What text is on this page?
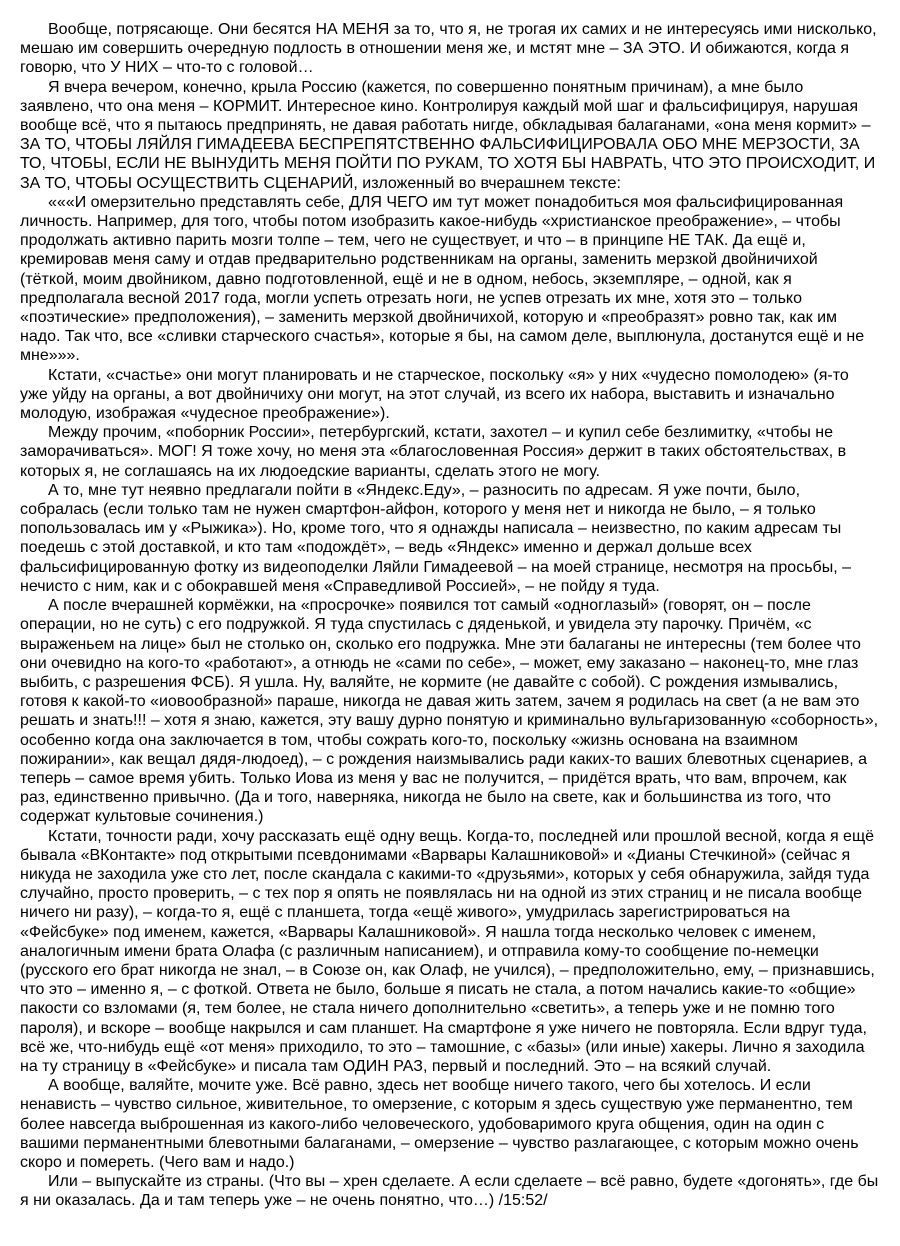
Вообще, потрясающе. Они бесятся НА МЕНЯ за то, что я, не трогая их самих и не интересуясь ими нисколько, мешаю им совершить очередную подлость в отношении меня же, и мстят мне – ЗА ЭТО. И обижаются, когда я говорю, что У НИХ – что-то с головой…

Я вчера вечером, конечно, крыла Россию (кажется, по совершенно понятным причинам), а мне было заявлено, что она меня – КОРМИТ. Интересное кино. Контролируя каждый мой шаг и фальсифицируя, нарушая вообще всё, что я пытаюсь предпринять, не давая работать нигде, обкладывая балаганами, «она меня кормит» – ЗА ТО, ЧТОБЫ ЛЯЙЛЯ ГИМАДЕЕВА БЕСПРЕПЯТСТВЕННО ФАЛЬСИФИЦИРОВАЛА ОБО МНЕ МЕРЗОСТИ, ЗА ТО, ЧТОБЫ, ЕСЛИ НЕ ВЫНУДИТЬ МЕНЯ ПОЙТИ ПО РУКАМ, ТО ХОТЯ БЫ НАВРАТЬ, ЧТО ЭТО ПРОИСХОДИТ, И ЗА ТО, ЧТОБЫ ОСУЩЕСТВИТЬ СЦЕНАРИЙ, изложенный во вчерашнем тексте:

«««И омерзительно представлять себе, ДЛЯ ЧЕГО им тут может понадобиться моя фальсифицированная личность. Например, для того, чтобы потом изобразить какое-нибудь «христианское преображение», – чтобы продолжать активно парить мозги толпе – тем, чего не существует, и что – в принципе НЕ ТАК. Да ещё и, кремировав меня саму и отдав предварительно родственникам на органы, заменить мерзкой двойничихой (тёткой, моим двойником, давно подготовленной, ещё и не в одном, небось, экземпляре, – одной, как я предполагала весной 2017 года, могли успеть отрезать ноги, не успев отрезать их мне, хотя это – только «поэтические» предположения), – заменить мерзкой двойничихой, которую и «преобразят» ровно так, как им надо. Так что, все «сливки старческого счастья», которые я бы, на самом деле, выплюнула, достанутся ещё и не мне»»».

Кстати, «счастье» они могут планировать и не старческое, поскольку «я» у них «чудесно помолодею» (я-то уже уйду на органы, а вот двойничиху они могут, на этот случай, из всего их набора, выставить и изначально молодую, изображая «чудесное преображение»).

Между прочим, «поборник России», петербургский, кстати, захотел – и купил себе безлимитку, «чтобы не заморачиваться». МОГ! Я тоже хочу, но меня эта «благословенная Россия» держит в таких обстоятельствах, в которых я, не соглашаясь на их людоедские варианты, сделать этого не могу.

А то, мне тут неявно предлагали пойти в «Яндекс.Еду», – разносить по адресам. Я уже почти, было, собралась (если только там не нужен смартфон-айфон, которого у меня нет и никогда не было, – я только попользовалась им у «Рыжика»). Но, кроме того, что я однажды написала – неизвестно, по каким адресам ты поедешь с этой доставкой, и кто там «подождёт», – ведь «Яндекс» именно и держал дольше всех фальсифицированную фотку из видеоподелки Ляйли Гимадеевой – на моей странице, несмотря на просьбы, – нечисто с ним, как и с обокравшей меня «Справедливой Россией», – не пойду я туда.

А после вчерашней кормёжки, на «просрочке» появился тот самый «одноглазый» (говорят, он – после операции, но не суть) с его подружкой. Я туда спустилась с дяденькой, и увидела эту парочку. Причём, «с выраженьем на лице» был не столько он, сколько его подружка. Мне эти балаганы не интересны (тем более что они очевидно на кого-то «работают», а отнюдь не «сами по себе», – может, ему заказано – наконец-то, мне глаз выбить, с разрешения ФСБ). Я ушла. Ну, валяйте, не кормите (не давайте с собой). С рождения измывались, готовя к какой-то «иовообразной» параше, никогда не давая жить затем, зачем я родилась на свет (а не вам это решать и знать!!! – хотя я знаю, кажется, эту вашу дурно понятую и криминально вульгаризованную «соборность», особенно когда она заключается в том, чтобы сожрать кого-то, поскольку «жизнь основана на взаимном пожирании», как вещал дядя-людоед), – с рождения наизмывались ради каких-то ваших блевотных сценариев, а теперь – самое время убить. Только Иова из меня у вас не получится, – придётся врать, что вам, впрочем, как раз, единственно привычно. (Да и того, наверняка, никогда не было на свете, как и большинства из того, что содержат культовые сочинения.)

Кстати, точности ради, хочу рассказать ещё одну вещь. Когда-то, последней или прошлой весной, когда я ещё бывала «ВКонтакте» под открытыми псевдонимами «Варвары Калашниковой» и «Дианы Стечкиной» (сейчас я никуда не заходила уже сто лет, после скандала с какими-то «друзьями», которых у себя обнаружила, зайдя туда случайно, просто проверить, – с тех пор я опять не появлялась ни на одной из этих страниц и не писала вообще ничего ни разу), – когда-то я, ещё с планшета, тогда «ещё живого», умудрилась зарегистрироваться на «Фейсбуке» под именем, кажется, «Варвары Калашниковой». Я нашла тогда несколько человек с именем, аналогичным имени брата Олафа (с различным написанием), и отправила кому-то сообщение по-немецки (русского его брат никогда не знал, – в Союзе он, как Олаф, не учился), – предположительно, ему, – признавшись, что это – именно я, – с фоткой. Ответа не было, больше я писать не стала, а потом начались какие-то «общие» пакости со взломами (я, тем более, не стала ничего дополнительно «светить», а теперь уже и не помню того пароля), и вскоре – вообще накрылся и сам планшет. На смартфоне я уже ничего не повторяла. Если вдруг туда, всё же, что-нибудь ещё «от меня» приходило, то это – тамошние, с «базы» (или иные) хакеры. Лично я заходила на ту страницу в «Фейсбуке» и писала там ОДИН РАЗ, первый и последний. Это – на всякий случай.

А вообще, валяйте, мочите уже. Всё равно, здесь нет вообще ничего такого, чего бы хотелось. И если ненависть – чувство сильное, живительное, то омерзение, с которым я здесь существую уже перманентно, тем более навсегда выброшенная из какого-либо человеческого, удобоваримого круга общения, один на один с вашими перманентными блевотными балаганами, – омерзение – чувство разлагающее, с которым можно очень скоро и помереть. (Чего вам и надо.)

Или – выпускайте из страны. (Что вы – хрен сделаете. А если сделаете – всё равно, будете «догонять», где бы я ни оказалась. Да и там теперь уже – не очень понятно, что…) /15:52/
